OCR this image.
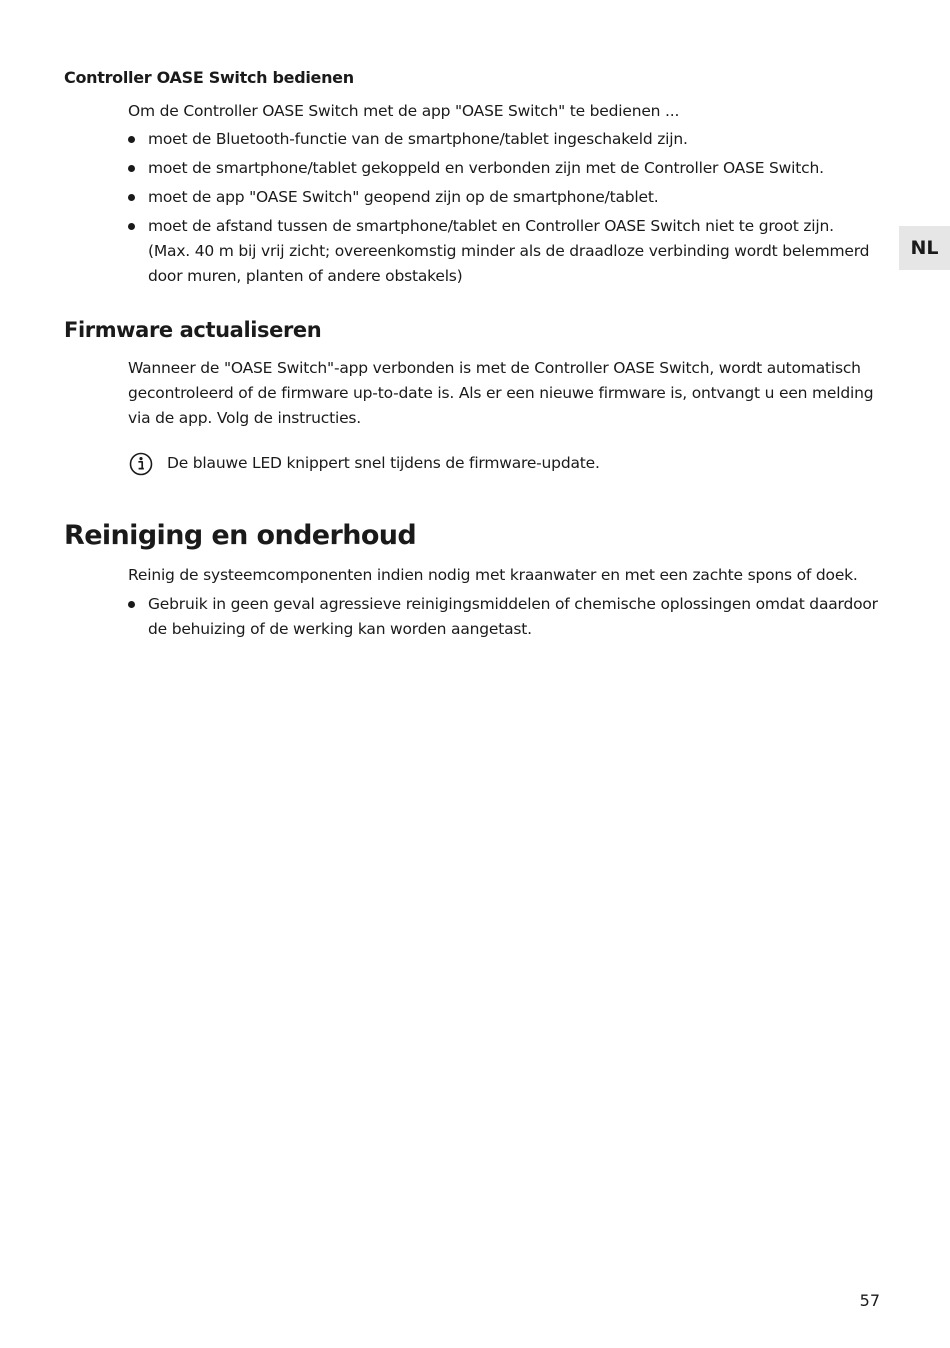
Controller OASE Switch bedienen

Om de Controller OASE Switch met de app "OASE Switch" te bedienen ...

moet de Bluetooth-functie van de smartphone/tablet ingeschakeld zijn.
moet de smartphone/tablet gekoppeld en verbonden zijn met de Controller OASE Switch.
moet de app "OASE Switch" geopend zijn op de smartphone/tablet.
moet de afstand tussen de smartphone/tablet en Controller OASE Switch niet te groot zijn. (Max. 40 m bij vrij zicht; overeenkomstig minder als de draadloze verbinding wordt belemmerd door muren, planten of andere obstakels)
Firmware actualiseren

Wanneer de "OASE Switch"-app verbonden is met de Controller OASE Switch, wordt automatisch gecontroleerd of de firmware up-to-date is. Als er een nieuwe firmware is, ontvangt u een melding via de app. Volg de instructies.

De blauwe LED knippert snel tijdens de firmware-update.
Reiniging en onderhoud

Reinig de systeemcomponenten indien nodig met kraanwater en met een zachte spons of doek.

Gebruik in geen geval agressieve reinigingsmiddelen of chemische oplossingen omdat daardoor de behuizing of de werking kan worden aangetast.
NL
57
